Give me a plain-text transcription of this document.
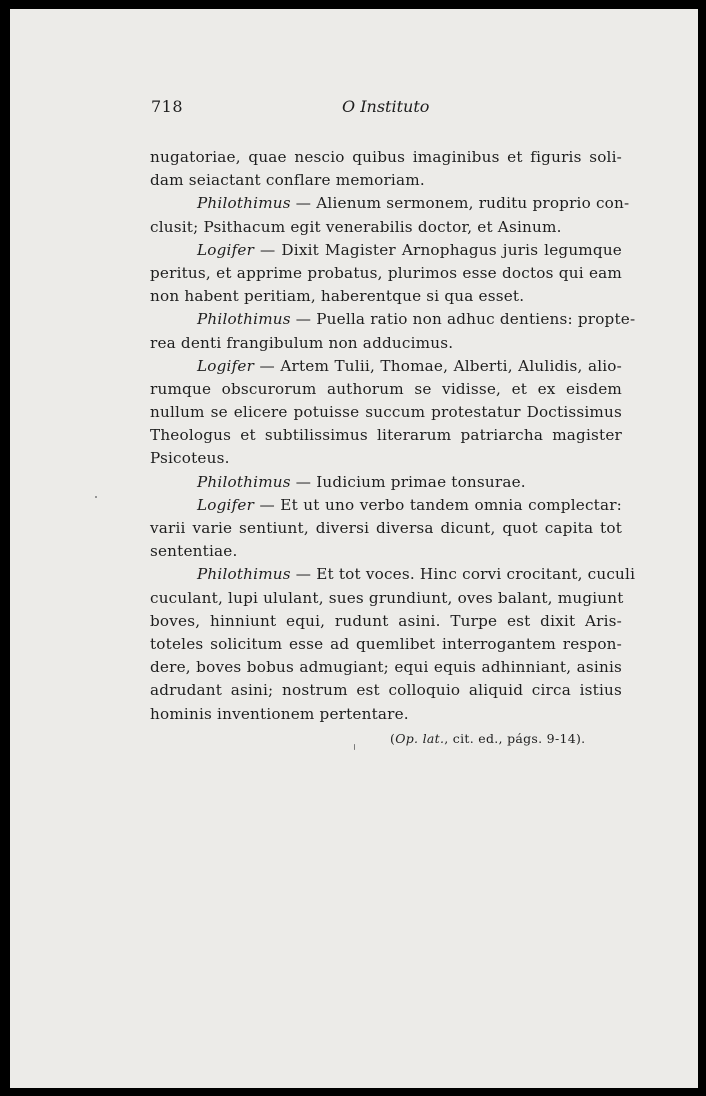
718	O Instituto
nugatoriae, quae nescio quibus imaginibus et figuris soli-
dam seiactant conflare memoriam.
Philothimus — Alienum sermonem, ruditu proprio con-
clusit; Psithacum egit venerabilis doctor, et Asinum.
Logifer — Dixit Magister Arnophagus juris legumque
peritus, et apprime probatus, plurimos esse doctos qui eam
non habent peritiam, haberentque si qua esset.
Philothimus — Puella ratio non adhuc dentiens: propte-
rea denti frangibulum non adducimus.
Logifer — Artem Tulii, Thomae, Alberti, Alulidis, alio-
rumque obscurorum authorum se vidisse, et ex eisdem
nullum se elicere potuisse succum protestatur Doctissimus
Theologus et subtilissimus literarum patriarcha magister
Psicoteus.
Philothimus — Iudicium primae tonsurae.
Logifer — Et ut uno verbo tandem omnia complectar:
varii varie sentiunt, diversi diversa dicunt, quot capita tot
sententiae.
Philothimus — Et tot voces. Hinc corvi crocitant, cuculi
cuculant, lupi ululant, sues grundiunt, oves balant, mugiunt
boves, hinniunt equi, rudunt asini. Turpe est dixit Aris-
toteles solicitum esse ad quemlibet interrogantem respon-
dere, boves bobus admugiant; equi equis adhinniant, asinis
adrudant asini; nostrum est colloquio aliquid circa istius
hominis inventionem pertentare.
(Op. lat., cit. ed., págs. 9-14).
